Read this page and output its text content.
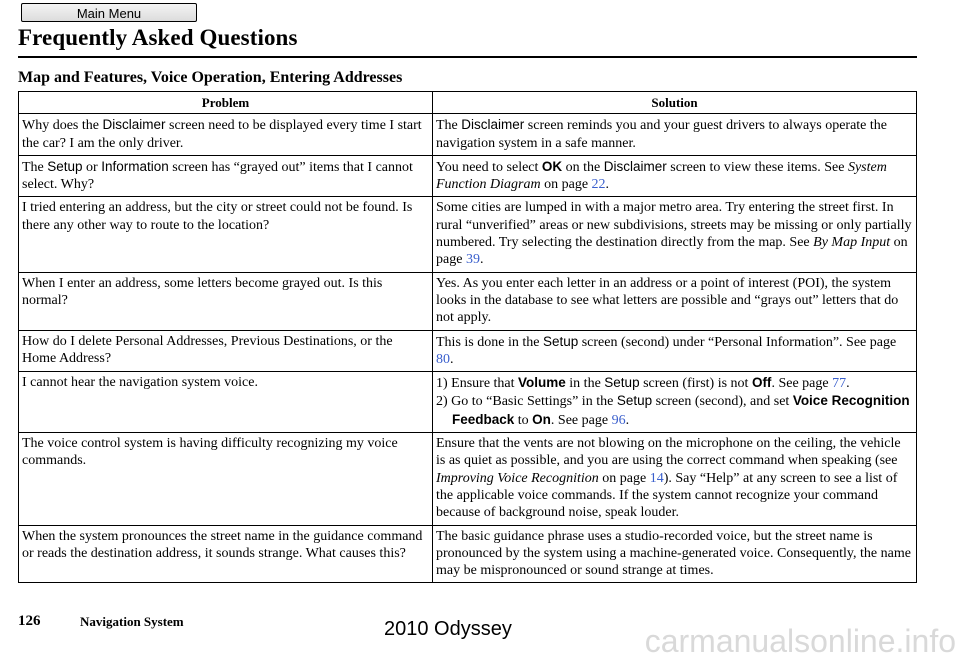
Main Menu
Frequently Asked Questions
Map and Features, Voice Operation, Entering Addresses
Problem	Solution
Why does the Disclaimer screen need to be displayed every time I start the car? I am the only driver.	The Disclaimer screen reminds you and your guest drivers to always operate the navigation system in a safe manner.
The Setup or Information screen has “grayed out” items that I cannot select. Why?	You need to select OK on the Disclaimer screen to view these items. See System Function Diagram on page 22.
I tried entering an address, but the city or street could not be found. Is there any other way to route to the location?	Some cities are lumped in with a major metro area. Try entering the street first. In rural “unverified” areas or new subdivisions, streets may be missing or only partially numbered. Try selecting the destination directly from the map. See By Map Input on page 39.
When I enter an address, some letters become grayed out. Is this normal?	Yes. As you enter each letter in an address or a point of interest (POI), the system looks in the database to see what letters are possible and “grays out” letters that do not apply.
How do I delete Personal Addresses, Previous Destinations, or the Home Address?	This is done in the Setup screen (second) under “Personal Information”. See page 80.
I cannot hear the navigation system voice.	1) Ensure that Volume in the Setup screen (first) is not Off. See page 77.
2) Go to “Basic Settings” in the Setup screen (second), and set Voice Recognition Feedback to On. See page 96.

The voice control system is having difficulty recognizing my voice commands.	Ensure that the vents are not blowing on the microphone on the ceiling, the vehicle is as quiet as possible, and you are using the correct command when speaking (see Improving Voice Recognition on page 14). Say “Help” at any screen to see a list of the applicable voice commands. If the system cannot recognize your command because of background noise, speak louder.
When the system pronounces the street name in the guidance command or reads the destination address, it sounds strange. What causes this?	The basic guidance phrase uses a studio-recorded voice, but the street name is pronounced by the system using a machine-generated voice. Consequently, the name may be mispronounced or sound strange at times.
126	Navigation System	2010 Odyssey	carmanualsonline.info
